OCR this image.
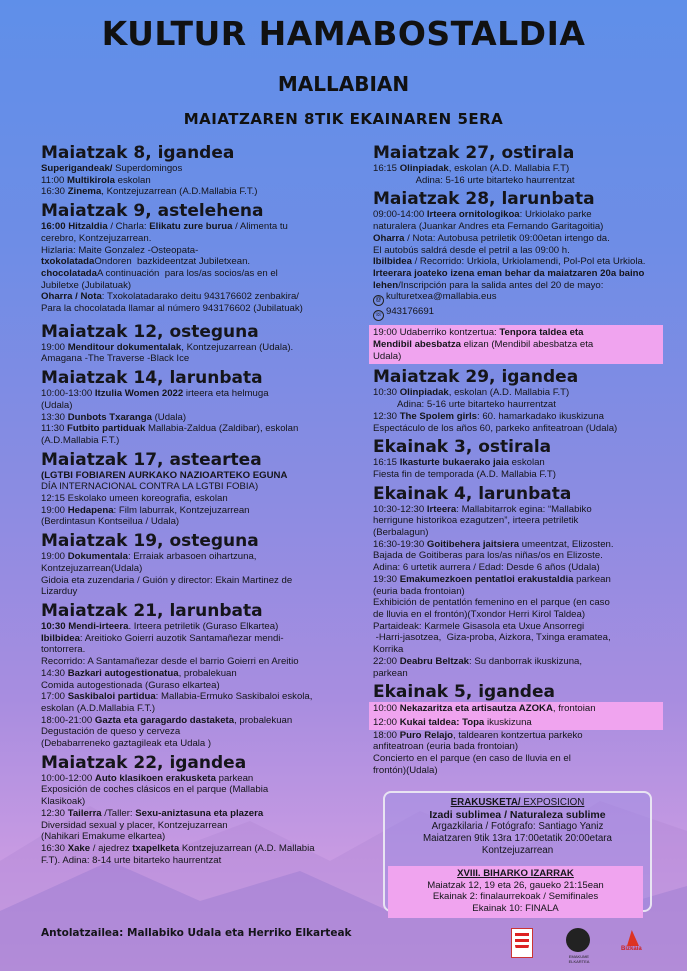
KULTUR HAMABOSTALDIA
MALLABIAN
MAIATZAREN 8TIK EKAINAREN 5ERA
Maiatzak 8, igandea
Superigandeak/ Superdomingos
11:00 Multikirola eskolan
16:30 Zinema, Kontzejuzarrean (A.D.Mallabia F.T.)
Maiatzak 9, astelehena
16:00 Hitzaldia / Charla: Elikatu zure burua / Alimenta tu
cerebro, Kontzejuzarrean.
Hizlaria: Maite Gonzalez -Osteopata-
txokolatadaOndoren  bazkideentzat Jubiletxean.
chocolatadaA continuación  para los/as socios/as en el
Jubiletxe (Jubilatuak)
Oharra / Nota: Txokolatadarako deitu 943176602 zenbakira/
Para la chocolatada llamar al número 943176602 (Jubilatuak)
Maiatzak 12, osteguna
19:00 Menditour dokumentalak, Kontzejuzarrean (Udala).
Amagana -The Traverse -Black Ice
Maiatzak 14, larunbata
10:00-13:00 Itzulia Women 2022 irteera eta helmuga
(Udala)
13:30 Dunbots Txaranga (Udala)
11:30 Futbito partiduak Mallabia-Zaldua (Zaldibar), eskolan
(A.D.Mallabia F.T.)
Maiatzak 17, asteartea
(LGTBI FOBIAREN AURKAKO NAZIOARTEKO EGUNA
DÍA INTERNACIONAL CONTRA LA LGTBI FOBIA)
12:15 Eskolako umeen koreografia, eskolan
19:00 Hedapena: Film laburrak, Kontzejuzarrean
(Berdintasun Kontseilua / Udala)
Maiatzak 19, osteguna
19:00 Dokumentala: Erraiak arbasoen oihartzuna,
Kontzejuzarrean(Udala)
Gidoia eta zuzendaria / Guión y director: Ekain Martinez de
Lizarduy
Maiatzak 21, larunbata
10:30 Mendi-irteera. Irteera petriletik (Guraso Elkartea)
Ibilbidea: Areitioko Goierri auzotik Santamañezar mendi-
tontorrera.
Recorrido: A Santamañezar desde el barrio Goierri en Areitio
14:30 Bazkari autogestionatua, probalekuan
Comida autogestionada (Guraso elkartea)
17:00 Saskibaloi partidua: Mallabia-Ermuko Saskibaloi eskola,
eskolan (A.D.Mallabia F.T.)
18:00-21:00 Gazta eta garagardo dastaketa, probalekuan
Degustación de queso y cerveza
(Debabarreneko gaztagileak eta Udala )
Maiatzak 22, igandea
10:00-12:00 Auto klasikoen erakusketa parkean
Exposición de coches clásicos en el parque (Mallabia
Klasikoak)
12:30 Tailerra /Taller: Sexu-aniztasuna eta plazera
Diversidad sexual y placer, Kontzejuzarrean
(Nahikari Emakume elkartea)
16:30 Xake / ajedrez txapelketa Kontzejuzarrean (A.D. Mallabia
F.T). Adina: 8-14 urte bitarteko haurrentzat
Maiatzak 27, ostirala
16:15 Olinpiadak, eskolan (A.D. Mallabia F.T)
Adina: 5-16 urte bitarteko haurrentzat
Maiatzak 28, larunbata
09:00-14:00 Irteera ornitologikoa: Urkiolako parke
naturalera (Juankar Andres eta Fernando Garitagoitia)
Oharra / Nota: Autobusa petriletik 09:00etan irtengo da.
El autobús saldrá desde el petril a las 09:00 h.
Ibilbidea / Recorrido: Urkiola, Urkiolamendi, Pol-Pol eta Urkiola.
Irteerara joateko izena eman behar da maiatzaren 20a baino
lehen/Inscripción para la salida antes del 20 de mayo:
@ kulturetxea@mallabia.eus
☏ 943176691
19:00 Udaberriko kontzertua: Tenpora taldea eta
Mendibil abesbatza elizan (Mendibil abesbatza eta
Udala)
Maiatzak 29, igandea
10:30 Olinpiadak, eskolan (A.D. Mallabia F.T)
Adina: 5-16 urte bitarteko haurrentzat
12:30 The Spolem girls: 60. hamarkadako ikuskizuna
Espectáculo de los años 60, parkeko anfiteatroan (Udala)
Ekainak 3, ostirala
16:15 Ikasturte bukaerako jaia eskolan
Fiesta fin de temporada (A.D. Mallabia F.T)
Ekainak 4, larunbata
10:30-12:30 Irteera: Mallabitarrok egina: “Mallabiko
herrigune historikoa ezagutzen”, irteera petriletik
(Berbalagun)
16:30-19:30 Goitibehera jaitsiera umeentzat, Elizosten.
Bajada de Goitiberas para los/as niñas/os en Elizoste.
Adina: 6 urtetik aurrera / Edad: Desde 6 años (Udala)
19:30 Emakumezkoen pentatloi erakustaldia parkean
(euria bada frontoian)
Exhibición de pentatlón femenino en el parque (en caso
de lluvia en el frontón)(Txondor Herri Kirol Taldea)
Partaideak: Karmele Gisasola eta Uxue Ansorregi
-Harri-jasotzea,  Giza-proba, Aizkora, Txinga eramatea,
Korrika
22:00 Deabru Beltzak: Su danborrak ikuskizuna,
parkean
Ekainak 5, igandea
10:00 Nekazaritza eta artisautza AZOKA, frontoian
12:00 Kukai taldea: Topa ikuskizuna
18:00 Puro Relajo, taldearen kontzertua parkeko
anfiteatroan (euria bada frontoian)
Concierto en el parque (en caso de lluvia en el
frontón)(Udala)
ERAKUSKETA/ EXPOSICION
Izadi sublimea / Naturaleza sublime
Argazkilaria / Fotógrafo: Santiago Yaniz
Maiatzaren 9tik 13ra 17:00etatik 20:00etara
Kontzejuzarrean
XVIII. BIHARKO IZARRAK
Maiatzak 12, 19 eta 26, gaueko 21:15ean
Ekainak 2: finalaurrekoak / Semifinales
Ekainak 10: FINALA
Antolatzailea: Mallabiko Udala eta Herriko Elkarteak
EMAKUME ELKARTEA
Bizkaia
